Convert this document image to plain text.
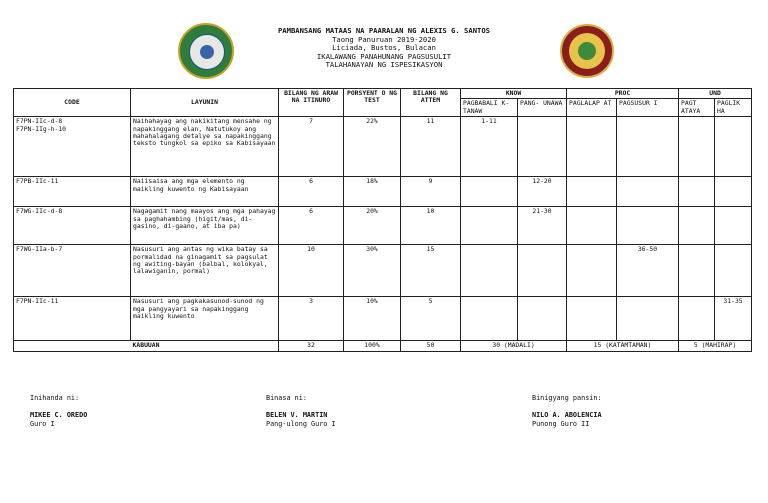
PAMBANSANG MATAAS NA PAARALAN NG ALEXIS G. SANTOS
Taong Panuruan 2019-2020
Liciada, Bustos, Bulacan
IKALAWANG PANAHUNANG PAGSUSULIT
TALAHANAYAN NG ISPESIKASYON
CODE	LAYUNIN	BILANG NG ARAW NA ITINURO	PORSYENT O NG TEST	BILANG NG ATTEM	KNOW		PROC		UND	
					PAGBABALI K- TANAW	PANG- UNAWA	PAGLALAP AT	PAGSUSUR I	PAGT ATAYA	PAGLIK HA
F7PN-IIc-d-8
F7PN-IIg-h-10	Naihahayag ang nakikitang mensahe ng napakinggang elan, Natutukoy ang mahahalagang detalye sa napakinggang teksto tungkol sa epiko sa Kabisayaan	7	22%	11	1-11					
F7PB-IIc-11	Naiisaisa ang mga elemento ng maikling kuwento ng Kabisayaan	6	18%	9		12-20				
F7WG-IIc-d-8	Nagagamit nang maayos ang mga pahayag sa paghahambing (higit/mas, di-gasino, di-gaano, at iba pa)	6	20%	10		21-30				
F7WG-IIa-b-7	Nasusuri ang antas ng wika batay sa pormalidad na ginagamit sa pagsulat ng awiting-bayan (balbal, kolokyal, lalawiganin, pormal)	10	30%	15				36-50		
F7PN-IIc-11	Nasusuri ang pagkakasunod-sunod ng mga pangyayari sa napakinggang maikling kuwento	3	10%	5						31-35
KABUUAN		32	100%	50	30 (MADALI)		15 (KATAMTAMAN)		5 (MAHIRAP)	
Inihanda ni:
MIKEE C. OREDO
Guro I
Binasa ni:
BELEN V. MARTIN
Pang-ulong Guro I
Binigyang pansin:
NILO A. ABOLENCIA
Punong Guro II
